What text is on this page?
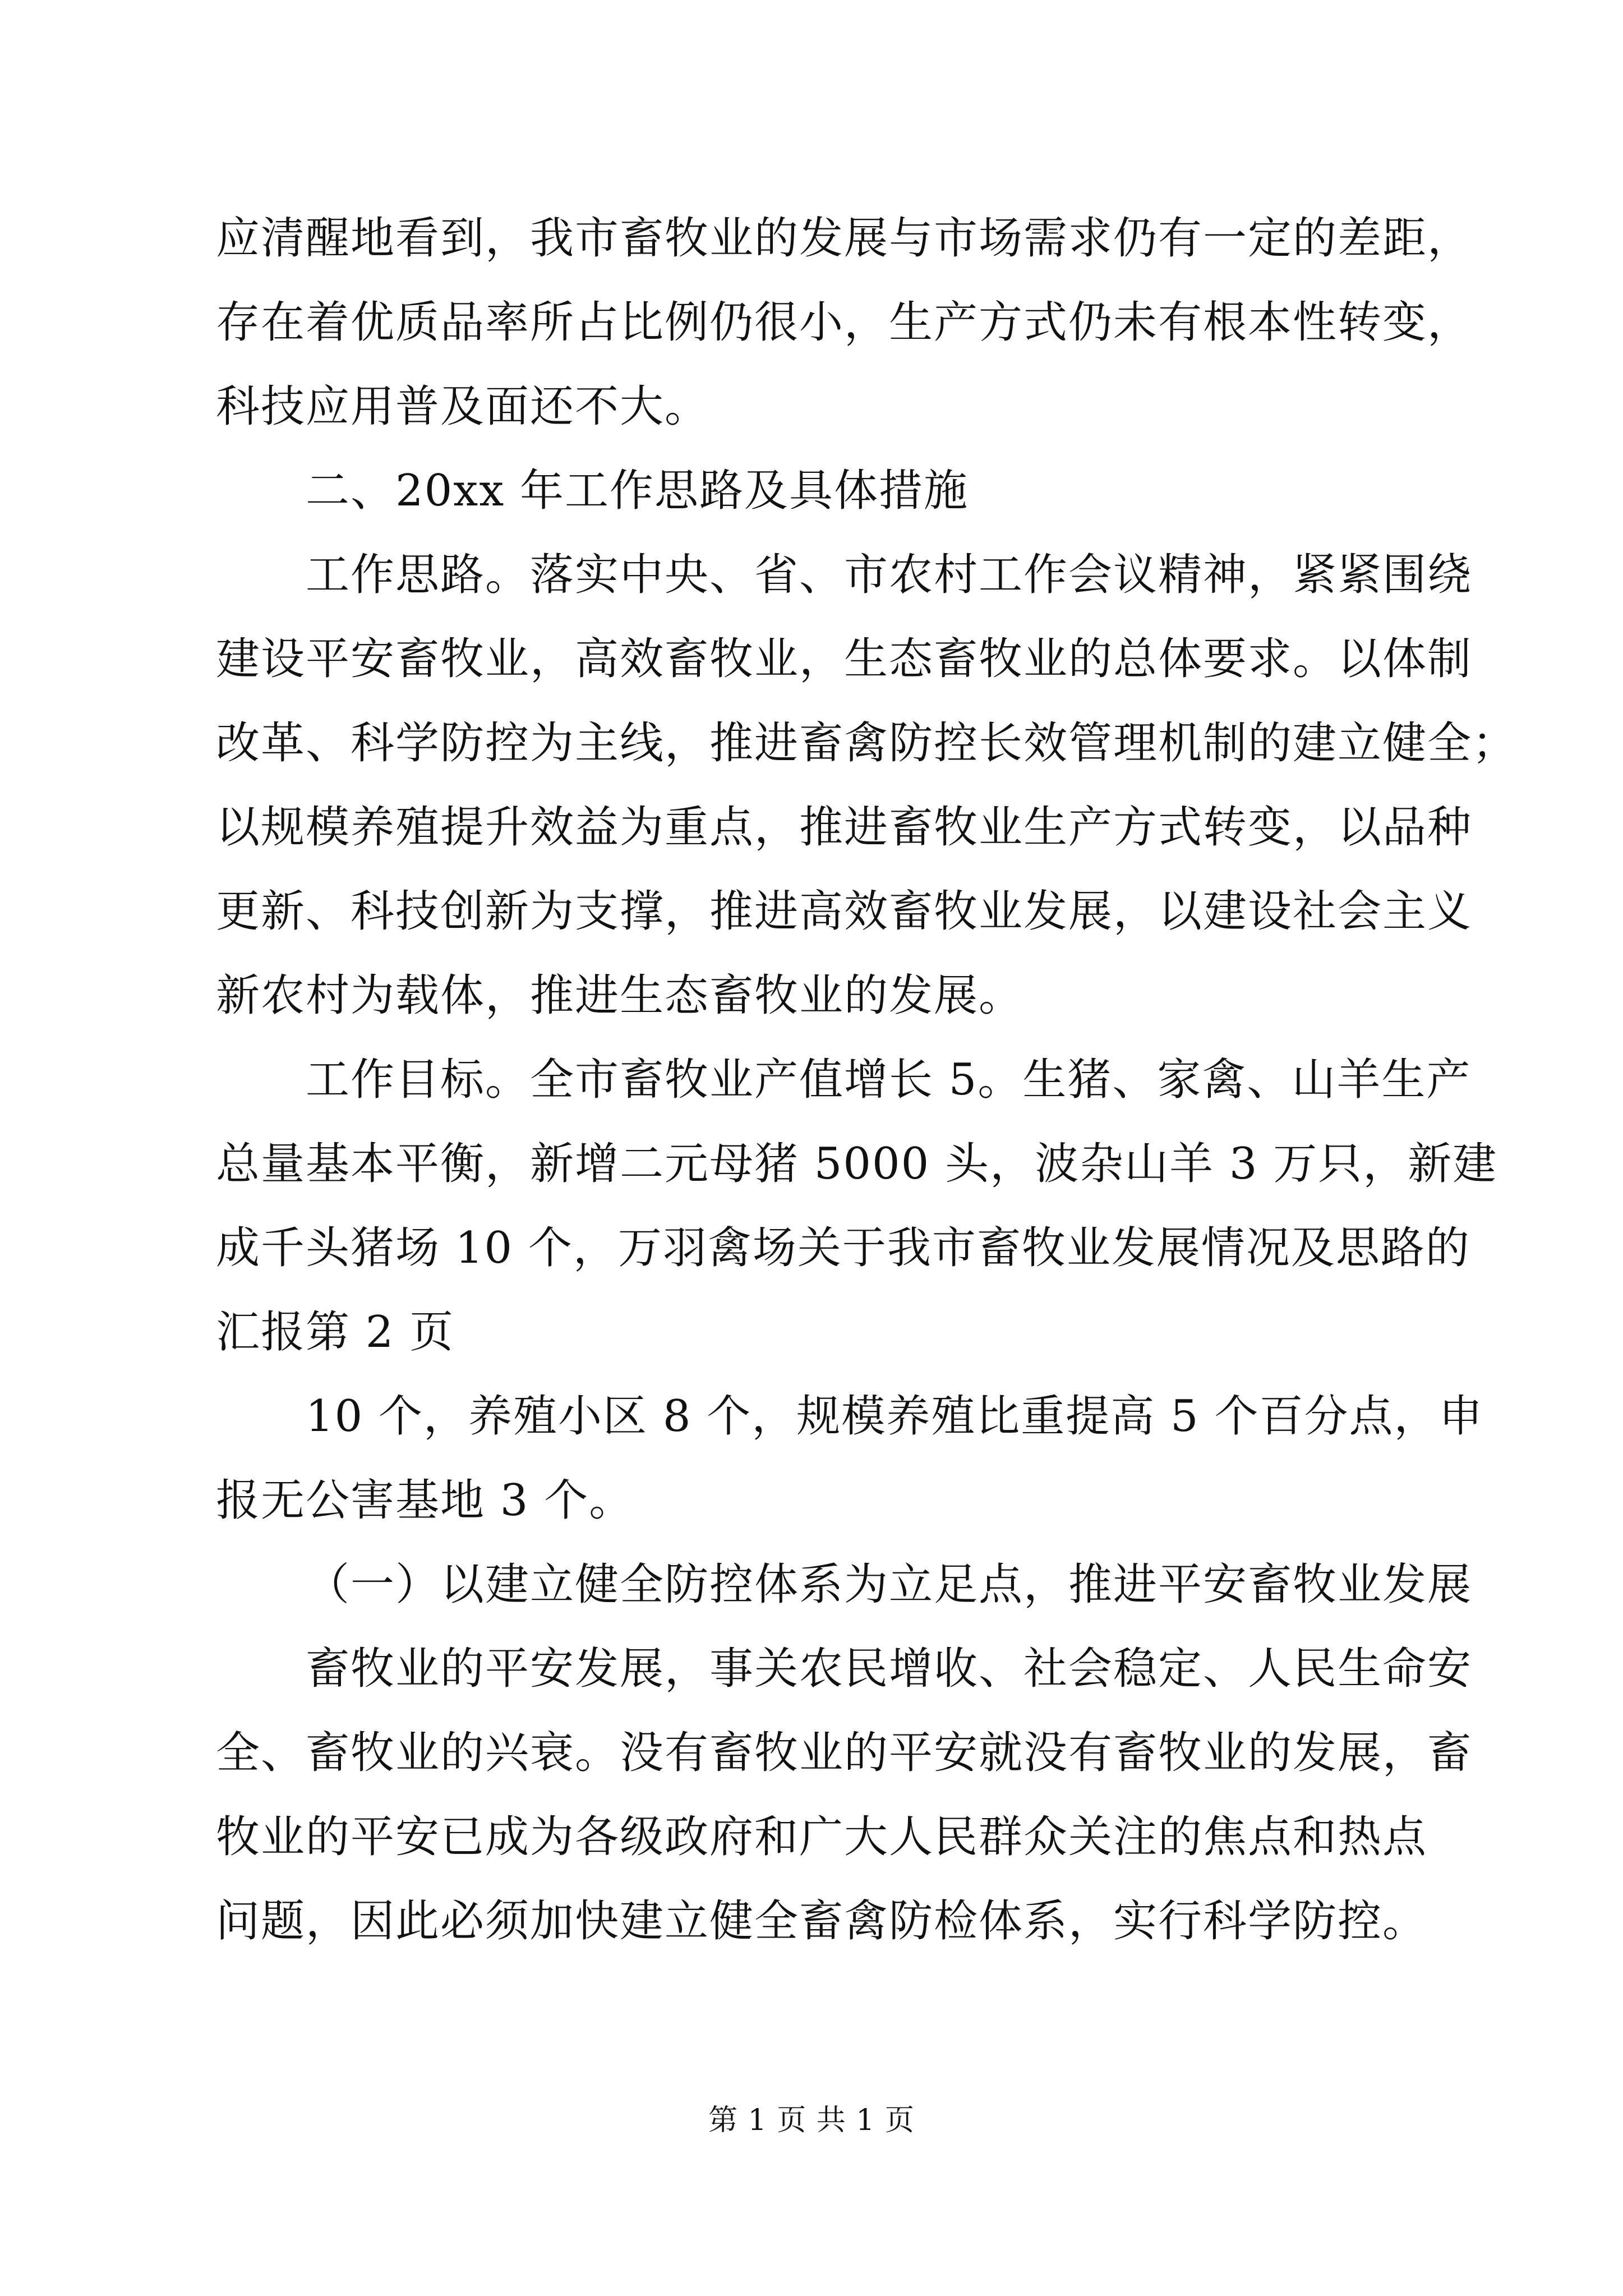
应清醒地看到，我市畜牧业的发展与市场需求仍有一定的差距，
存在着优质品率所占比例仍很小，生产方式仍未有根本性转变，
科技应用普及面还不大。
二、20xx 年工作思路及具体措施
工作思路。落实中央、省、市农村工作会议精神，紧紧围绕
建设平安畜牧业，高效畜牧业，生态畜牧业的总体要求。以体制
改革、科学防控为主线，推进畜禽防控长效管理机制的建立健全；
以规模养殖提升效益为重点，推进畜牧业生产方式转变，以品种
更新、科技创新为支撑，推进高效畜牧业发展，以建设社会主义
新农村为载体，推进生态畜牧业的发展。
工作目标。全市畜牧业产值增长 5。生猪、家禽、山羊生产
总量基本平衡，新增二元母猪 5000 头，波杂山羊 3 万只，新建
成千头猪场 10 个，万羽禽场关于我市畜牧业发展情况及思路的
汇报第 2 页
10 个，养殖小区 8 个，规模养殖比重提高 5 个百分点，申
报无公害基地 3 个。
（一）以建立健全防控体系为立足点，推进平安畜牧业发展
畜牧业的平安发展，事关农民增收、社会稳定、人民生命安
全、畜牧业的兴衰。没有畜牧业的平安就没有畜牧业的发展，畜
牧业的平安已成为各级政府和广大人民群众关注的焦点和热点
问题，因此必须加快建立健全畜禽防检体系，实行科学防控。
第 1 页 共 1 页
